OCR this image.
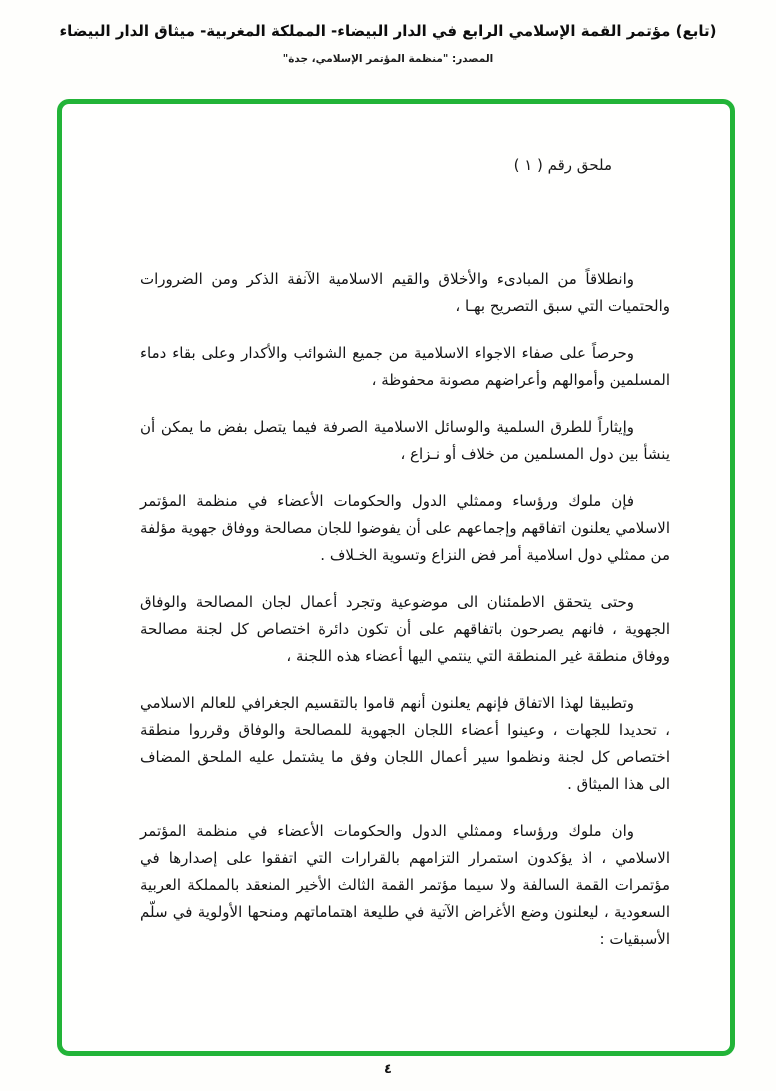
(تابع) مؤتمر القمة الإسلامي الرابع في الدار البيضاء- المملكة المغربية- ميثاق الدار البيضاء
المصدر: "منظمة المؤتمر الإسلامي، جدة"
ملحق رقم ( ١ )

وانطلاقاً من المبادىء والأخلاق والقيم الاسلامية الآنفة الذكر ومن الضرورات والحتميات التي سبق التصريح بهـا ،

وحرصاً على صفاء الاجواء الاسلامية من جميع الشوائب والأكدار وعلى بقاء دماء المسلمين وأموالهم وأعراضهم مصونة محفوظة ،

وإيثاراً للطرق السلمية والوسائل الاسلامية الصرفة فيما يتصل بفض ما يمكن أن ينشأ بين دول المسلمين من خلاف أو نـزاع ،

فإن ملوك ورؤساء وممثلي الدول والحكومات الأعضاء في منظمة المؤتمر الاسلامي يعلنون اتفاقهم وإجماعهم على أن يفوضوا للجان مصالحة ووفاق جهوية مؤلفة من ممثلي دول اسلامية أمر فض النزاع وتسوية الخـلاف .

وحتى يتحقق الاطمئنان الى موضوعية وتجرد أعمال لجان المصالحة والوفاق الجهوية ، فانهم يصرحون باتفاقهم على أن تكون دائرة اختصاص كل لجنة مصالحة ووفاق منطقة غير المنطقة التي ينتمي اليها أعضاء هذه اللجنة ،

وتطبيقا لهذا الاتفاق فإنهم يعلنون أنهم قاموا بالتقسيم الجغرافي للعالم الاسلامي ، تحديدا للجهات ، وعينوا أعضاء اللجان الجهوية للمصالحة والوفاق وقرروا منطقة اختصاص كل لجنة ونظموا سير أعمال اللجان وفق ما يشتمل عليه الملحق المضاف الى هذا الميثاق .

وان ملوك ورؤساء وممثلي الدول والحكومات الأعضاء في منظمة المؤتمر الاسلامي ، اذ يؤكدون استمرار التزامهم بالقرارات التي اتفقوا على إصدارها في مؤتمرات القمة السالفة ولا سيما مؤتمر القمة الثالث الأخير المنعقد بالمملكة العربية السعودية ، ليعلنون وضع الأغراض الآتية في طليعة اهتماماتهم ومنحها الأولوية في سلّم الأسبقيات :

٤
